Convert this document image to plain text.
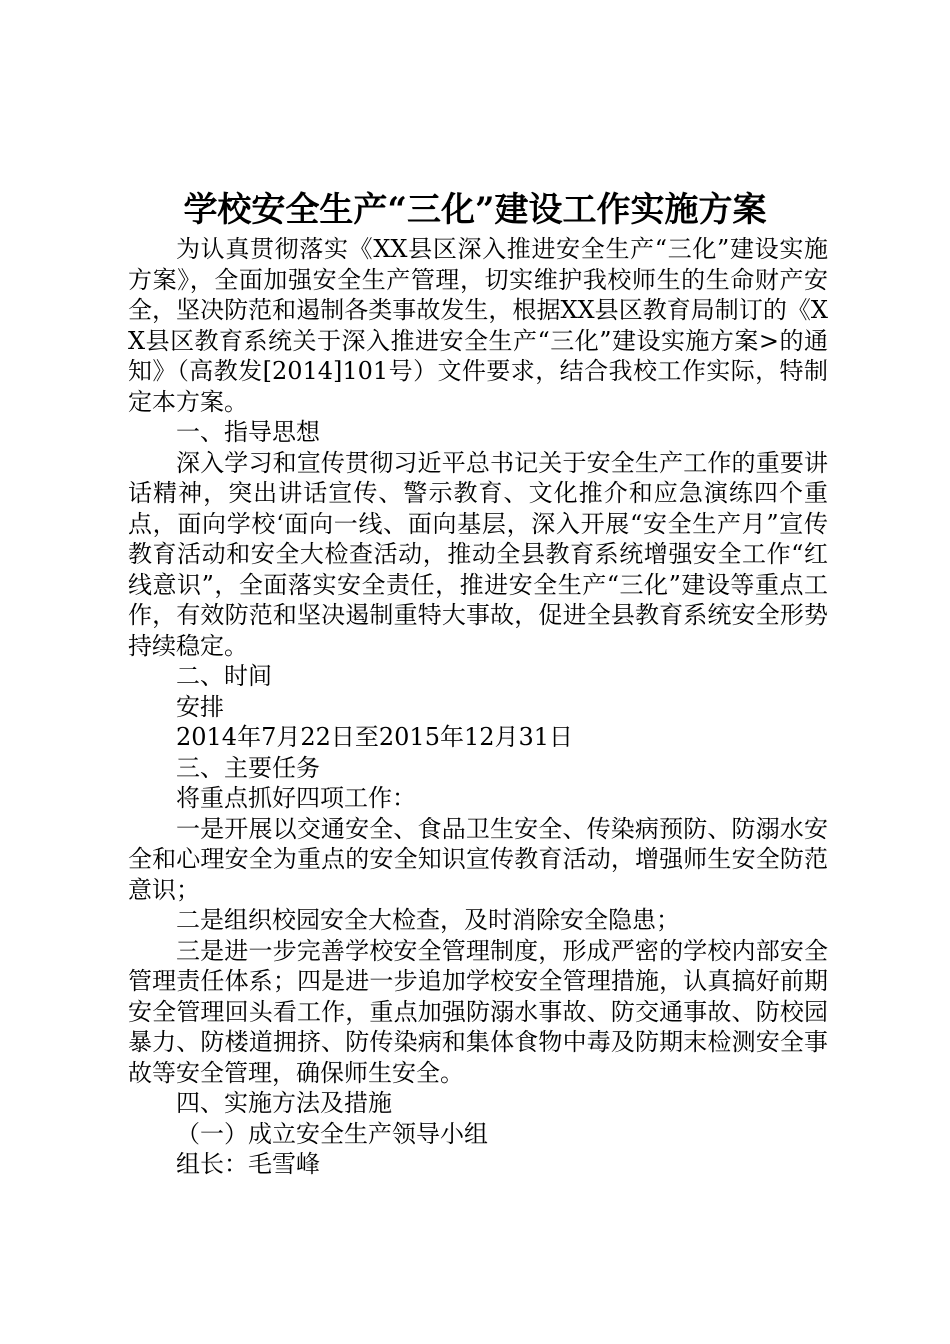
学校安全生产“三化”建设工作实施方案

为认真贯彻落实《XX县区深入推进安全生产“三化”建设实施方案》，全面加强安全生产管理，切实维护我校师生的生命财产安全，坚决防范和遏制各类事故发生，根据XX县区教育局制订的《XX县区教育系统关于深入推进安全生产“三化”建设实施方案>的通知》（高教发[2014]101号）文件要求，结合我校工作实际，特制定本方案。

一、指导思想

深入学习和宣传贯彻习近平总书记关于安全生产工作的重要讲话精神，突出讲话宣传、警示教育、文化推介和应急演练四个重点，面向学校‘面向一线、面向基层，深入开展“安全生产月”宣传教育活动和安全大检查活动，推动全县教育系统增强安全工作“红线意识”，全面落实安全责任，推进安全生产“三化”建设等重点工作，有效防范和坚决遏制重特大事故，促进全县教育系统安全形势持续稳定。

二、时间

安排

2014年7月22日至2015年12月31日

三、主要任务

将重点抓好四项工作：

一是开展以交通安全、食品卫生安全、传染病预防、防溺水安全和心理安全为重点的安全知识宣传教育活动，增强师生安全防范意识；

二是组织校园安全大检查，及时消除安全隐患；

三是进一步完善学校安全管理制度，形成严密的学校内部安全管理责任体系；四是进一步追加学校安全管理措施，认真搞好前期安全管理回头看工作，重点加强防溺水事故、防交通事故、防校园暴力、防楼道拥挤、防传染病和集体食物中毒及防期末检测安全事故等安全管理，确保师生安全。

四、实施方法及措施

（一）成立安全生产领导小组

组长：毛雪峰
